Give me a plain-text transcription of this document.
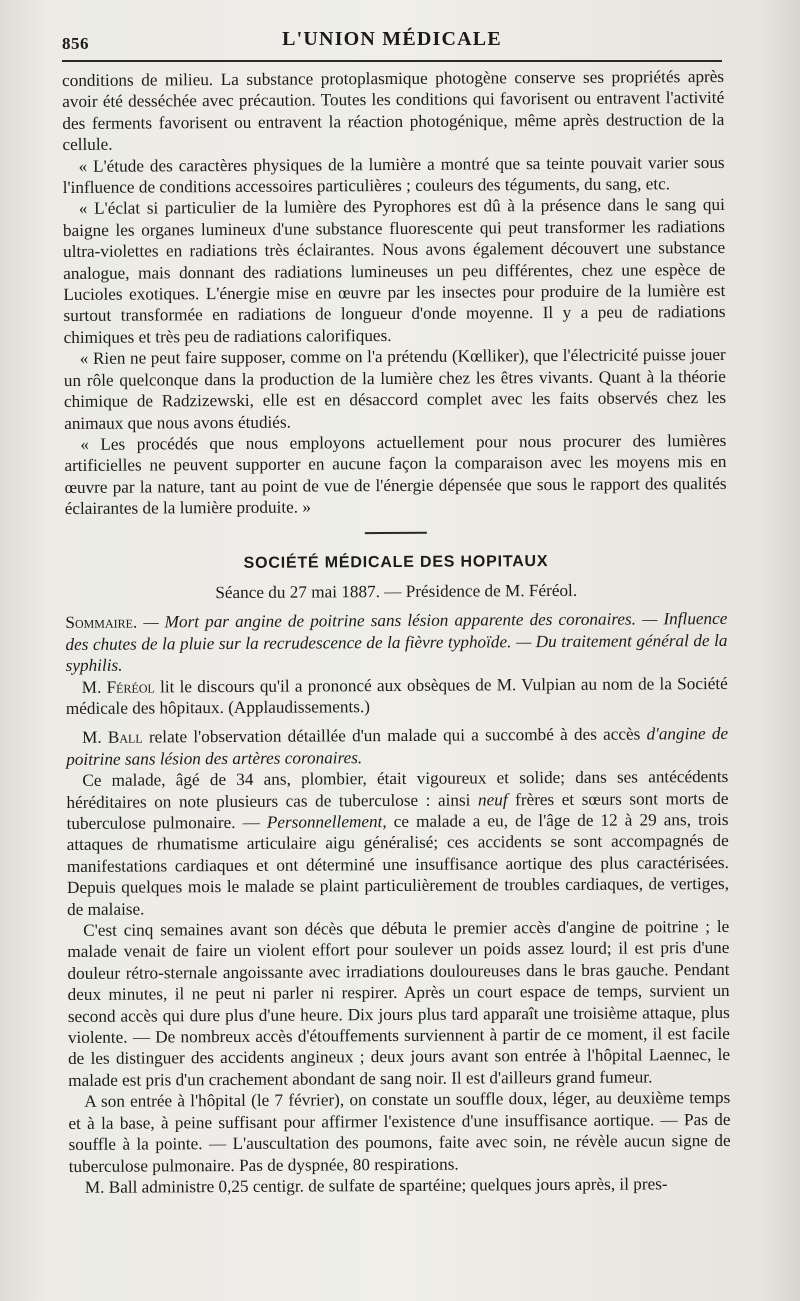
856	L'UNION MÉDICALE

conditions de milieu. La substance protoplasmique photogène conserve ses propriétés après avoir été desséchée avec précaution. Toutes les conditions qui favorisent ou entravent l'activité des ferments favorisent ou entravent la réaction photogénique, même après destruction de la cellule.

« L'étude des caractères physiques de la lumière a montré que sa teinte pouvait varier sous l'influence de conditions accessoires particulières ; couleurs des téguments, du sang, etc.

« L'éclat si particulier de la lumière des Pyrophores est dû à la présence dans le sang qui baigne les organes lumineux d'une substance fluorescente qui peut transformer les radiations ultra-violettes en radiations très éclairantes. Nous avons également découvert une substance analogue, mais donnant des radiations lumineuses un peu différentes, chez une espèce de Lucioles exotiques. L'énergie mise en œuvre par les insectes pour produire de la lumière est surtout transformée en radiations de longueur d'onde moyenne. Il y a peu de radiations chimiques et très peu de radiations calorifiques.

« Rien ne peut faire supposer, comme on l'a prétendu (Kœlliker), que l'électricité puisse jouer un rôle quelconque dans la production de la lumière chez les êtres vivants. Quant à la théorie chimique de Radzizewski, elle est en désaccord complet avec les faits observés chez les animaux que nous avons étudiés.

« Les procédés que nous employons actuellement pour nous procurer des lumières artificielles ne peuvent supporter en aucune façon la comparaison avec les moyens mis en œuvre par la nature, tant au point de vue de l'énergie dépensée que sous le rapport des qualités éclairantes de la lumière produite. »

SOCIÉTÉ MÉDICALE DES HOPITAUX
Séance du 27 mai 1887. — Présidence de M. Féréol.

Sommaire. — Mort par angine de poitrine sans lésion apparente des coronaires. — Influence des chutes de la pluie sur la recrudescence de la fièvre typhoïde. — Du traitement général de la syphilis.

M. Féréol lit le discours qu'il a prononcé aux obsèques de M. Vulpian au nom de la Société médicale des hôpitaux. (Applaudissements.)

M. Ball relate l'observation détaillée d'un malade qui a succombé à des accès d'angine de poitrine sans lésion des artères coronaires.

Ce malade, âgé de 34 ans, plombier, était vigoureux et solide; dans ses antécédents héréditaires on note plusieurs cas de tuberculose : ainsi neuf frères et sœurs sont morts de tuberculose pulmonaire. — Personnellement, ce malade a eu, de l'âge de 12 à 29 ans, trois attaques de rhumatisme articulaire aigu généralisé; ces accidents se sont accompagnés de manifestations cardiaques et ont déterminé une insuffisance aortique des plus caractérisées. Depuis quelques mois le malade se plaint particulièrement de troubles cardiaques, de vertiges, de malaise.

C'est cinq semaines avant son décès que débuta le premier accès d'angine de poitrine ; le malade venait de faire un violent effort pour soulever un poids assez lourd; il est pris d'une douleur rétro-sternale angoissante avec irradiations douloureuses dans le bras gauche. Pendant deux minutes, il ne peut ni parler ni respirer. Après un court espace de temps, survient un second accès qui dure plus d'une heure. Dix jours plus tard apparaît une troisième attaque, plus violente. — De nombreux accès d'étouffements surviennent à partir de ce moment, il est facile de les distinguer des accidents angineux ; deux jours avant son entrée à l'hôpital Laennec, le malade est pris d'un crachement abondant de sang noir. Il est d'ailleurs grand fumeur.

A son entrée à l'hôpital (le 7 février), on constate un souffle doux, léger, au deuxième temps et à la base, à peine suffisant pour affirmer l'existence d'une insuffisance aortique. — Pas de souffle à la pointe. — L'auscultation des poumons, faite avec soin, ne révèle aucun signe de tuberculose pulmonaire. Pas de dyspnée, 80 respirations.

M. Ball administre 0,25 centigr. de sulfate de spartéine; quelques jours après, il pres-
